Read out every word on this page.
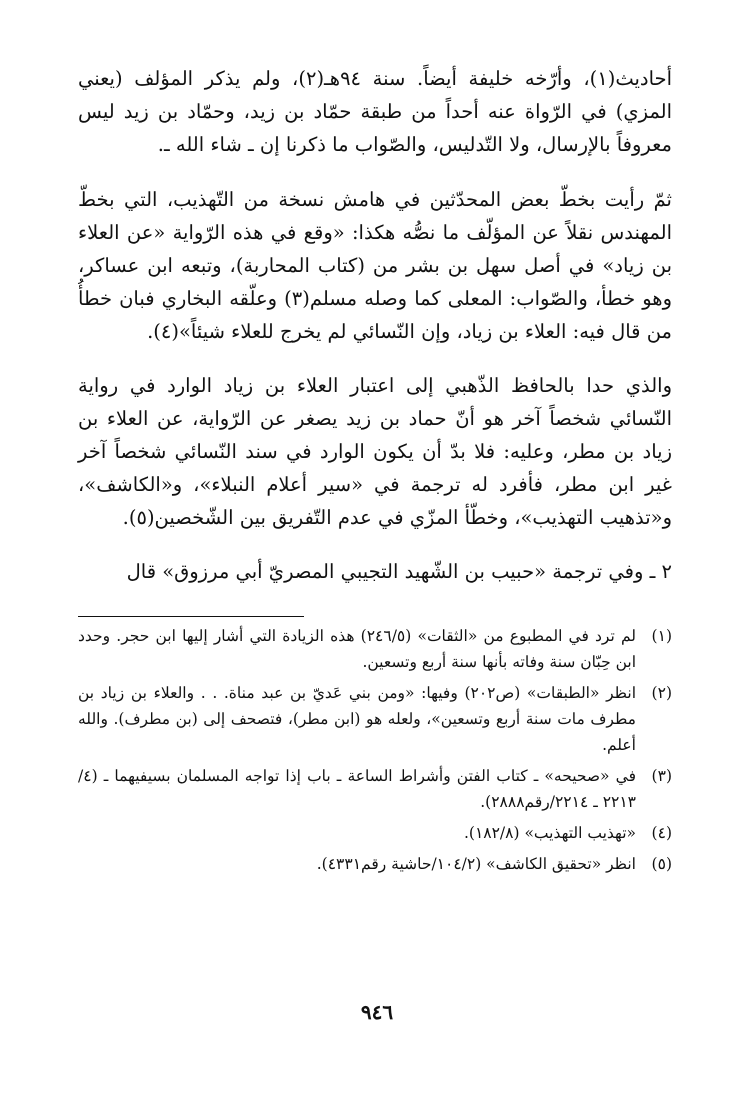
أحاديث(١)، وأرّخه خليفة أيضاً. سنة ٩٤هـ(٢)، ولم يذكر المؤلف (يعني المزي) في الرّواة عنه أحداً من طبقة حمّاد بن زيد، وحمّاد بن زيد ليس معروفاً بالإرسال، ولا التّدليس، والصّواب ما ذكرنا إن ـ شاء الله ـ.

ثمّ رأيت بخطّ بعض المحدّثين في هامش نسخة من التّهذيب، التي بخطّ المهندس نقلاً عن المؤلّف ما نصُّه هكذا: «وقع في هذه الرّواية «عن العلاء بن زياد» في أصل سهل بن بشر من (كتاب المحاربة)، وتبعه ابن عساكر، وهو خطأ، والصّواب: المعلى كما وصله مسلم(٣) وعلّقه البخاري فبان خطأُ من قال فيه: العلاء بن زياد، وإن النّسائي لم يخرج للعلاء شيئاً»(٤).

والذي حدا بالحافظ الذّهبي إلى اعتبار العلاء بن زياد الوارد في رواية النّسائي شخصاً آخر هو أنّ حماد بن زيد يصغر عن الرّواية، عن العلاء بن زياد بن مطر، وعليه: فلا بدّ أن يكون الوارد في سند النّسائي شخصاً آخر غير ابن مطر، فأفرد له ترجمة في «سير أعلام النبلاء»، و«الكاشف»، و«تذهيب التهذيب»، وخطّأ المزّي في عدم التّفريق بين الشّخصين(٥).

٢ ـ وفي ترجمة «حبيب بن الشّهيد التجيبي المصريّ أبي مرزوق» قال

(١)
لم ترد في المطبوع من «الثقات» (٢٤٦/٥) هذه الزيادة التي أشار إليها ابن حجر. وحدد ابن حِبّان سنة وفاته بأنها سنة أربع وتسعين.
(٢)
انظر «الطبقات» (ص٢٠٢) وفيها: «ومن بني عَديّ بن عبد مناة. . . والعلاء بن زياد بن مطرف مات سنة أربع وتسعين»، ولعله هو (ابن مطر)، فتصحف إلى (بن مطرف). والله أعلم.
(٣)
في «صحيحه» ـ كتاب الفتن وأشراط الساعة ـ باب إذا تواجه المسلمان بسيفيهما ـ (٤/ ٢٢١٣ ـ ٢٢١٤/رقم٢٨٨٨).
(٤)
«تهذيب التهذيب» (١٨٢/٨).
(٥)
انظر «تحقيق الكاشف» (١٠٤/٢/حاشية رقم٤٣٣١).
٩٤٦
